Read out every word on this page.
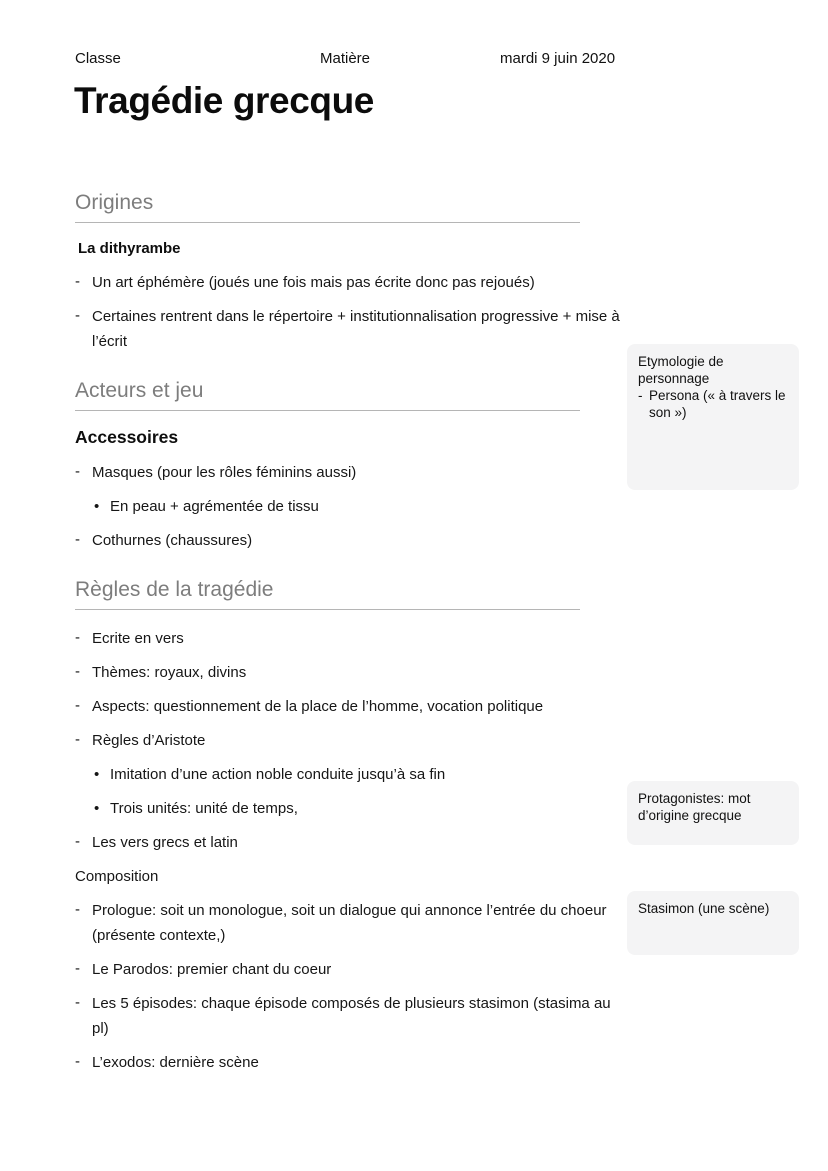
Classe	Matière	mardi 9 juin 2020
Tragédie grecque
Origines
La dithyrambe
- Un art éphémère (joués une fois mais pas écrite donc pas rejoués)
- Certaines rentrent dans le répertoire + institutionnalisation progressive + mise à l’écrit
Acteurs et jeu
Accessoires
- Masques (pour les rôles féminins aussi)
• En peau + agrémentée de tissu
- Cothurnes (chaussures)
Règles de la tragédie
- Ecrite en vers
- Thèmes: royaux, divins
- Aspects: questionnement de la place de l’homme, vocation politique
- Règles d’Aristote
• Imitation d’une action noble conduite jusqu’à sa fin
• Trois unités: unité de temps,
- Les vers grecs et latin
Composition
- Prologue: soit un monologue, soit un dialogue qui annonce l’entrée du choeur (présente contexte,)
- Le Parodos: premier chant du coeur
- Les 5 épisodes: chaque épisode composés de plusieurs stasimon (stasima au pl)
- L’exodos: dernière scène
Etymologie de personnage
- Persona (« à travers le son »)
Protagonistes: mot d’origine grecque
Stasimon (une scène)
